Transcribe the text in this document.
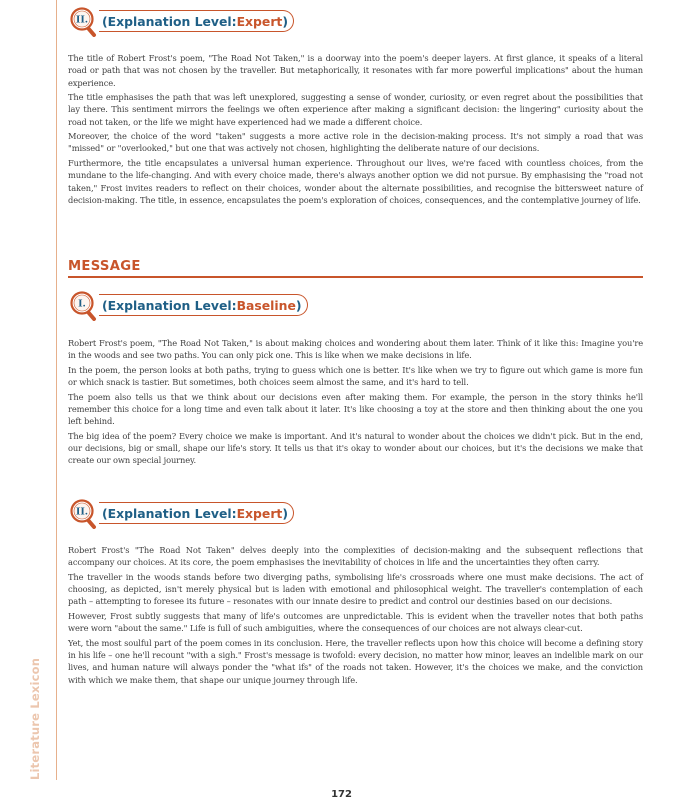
Literature Lexicon
II. (Explanation Level: Expert )

The title of Robert Frost's poem, "The Road Not Taken," is a doorway into the poem's deeper layers. At first glance, it speaks of a literal road or path that was not chosen by the traveller. But metaphorically, it resonates with far more powerful implications" about the human experience.

The title emphasises the path that was left unexplored, suggesting a sense of wonder, curiosity, or even regret about the possibilities that lay there. This sentiment mirrors the feelings we often experience after making a significant decision: the lingering" curiosity about the road not taken, or the life we might have experienced had we made a different choice.

Moreover, the choice of the word "taken" suggests a more active role in the decision-making process. It's not simply a road that was "missed" or "overlooked," but one that was actively not chosen, highlighting the deliberate nature of our decisions.

Furthermore, the title encapsulates a universal human experience. Throughout our lives, we're faced with countless choices, from the mundane to the life-changing. And with every choice made, there's always another option we did not pursue. By emphasising the "road not taken," Frost invites readers to reflect on their choices, wonder about the alternate possibilities, and recognise the bittersweet nature of decision-making. The title, in essence, encapsulates the poem's exploration of choices, consequences, and the contemplative journey of life.

MESSAGE
I. (Explanation Level: Baseline )

Robert Frost's poem, "The Road Not Taken," is about making choices and wondering about them later. Think of it like this: Imagine you're in the woods and see two paths. You can only pick one. This is like when we make decisions in life.

In the poem, the person looks at both paths, trying to guess which one is better. It's like when we try to figure out which game is more fun or which snack is tastier. But sometimes, both choices seem almost the same, and it's hard to tell.

The poem also tells us that we think about our decisions even after making them. For example, the person in the story thinks he'll remember this choice for a long time and even talk about it later. It's like choosing a toy at the store and then thinking about the one you left behind.

The big idea of the poem? Every choice we make is important. And it's natural to wonder about the choices we didn't pick. But in the end, our decisions, big or small, shape our life's story. It tells us that it's okay to wonder about our choices, but it's the decisions we make that create our own special journey.

II. (Explanation Level: Expert )

Robert Frost's "The Road Not Taken" delves deeply into the complexities of decision-making and the subsequent reflections that accompany our choices. At its core, the poem emphasises the inevitability of choices in life and the uncertainties they often carry.

The traveller in the woods stands before two diverging paths, symbolising life's crossroads where one must make decisions. The act of choosing, as depicted, isn't merely physical but is laden with emotional and philosophical weight. The traveller's contemplation of each path – attempting to foresee its future – resonates with our innate desire to predict and control our destinies based on our decisions.

However, Frost subtly suggests that many of life's outcomes are unpredictable. This is evident when the traveller notes that both paths were worn "about the same." Life is full of such ambiguities, where the consequences of our choices are not always clear-cut.

Yet, the most soulful part of the poem comes in its conclusion. Here, the traveller reflects upon how this choice will become a defining story in his life – one he'll recount "with a sigh." Frost's message is twofold: every decision, no matter how minor, leaves an indelible mark on our lives, and human nature will always ponder the "what ifs" of the roads not taken. However, it's the choices we make, and the conviction with which we make them, that shape our unique journey through life.

172
